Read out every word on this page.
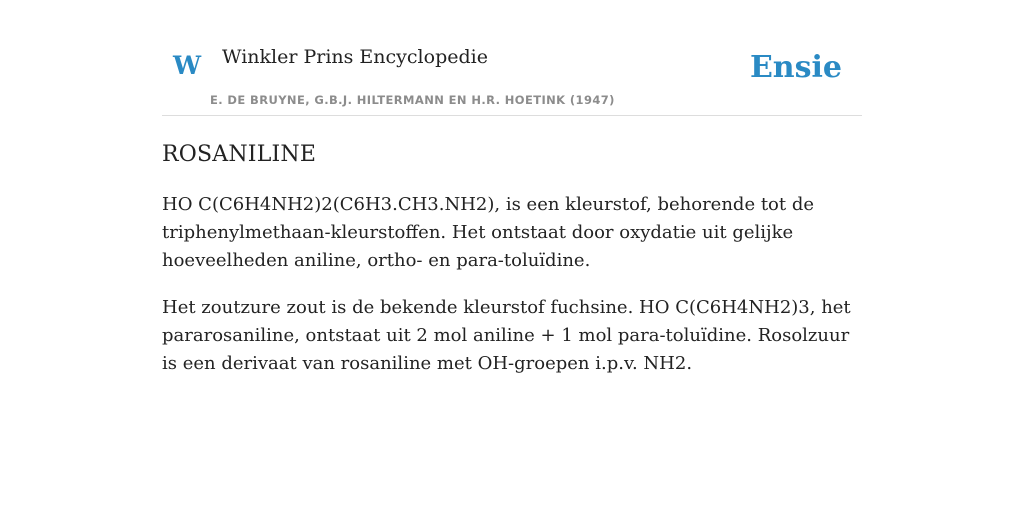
W Winkler Prins Encyclopedie
E. DE BRUYNE, G.B.J. HILTERMANN EN H.R. HOETINK (1947)
Ensie
ROSANILINE

HO C(C6H4NH2)2(C6H3.CH3.NH2), is een kleurstof, behorende tot de triphenylmethaan-kleurstoffen. Het ontstaat door oxydatie uit gelijke hoeveelheden aniline, ortho- en para-toluïdine.

Het zoutzure zout is de bekende kleurstof fuchsine. HO C(C6H4NH2)3, het pararosaniline, ontstaat uit 2 mol aniline + 1 mol para-toluïdine. Rosolzuur is een derivaat van rosaniline met OH-groepen i.p.v. NH2.
